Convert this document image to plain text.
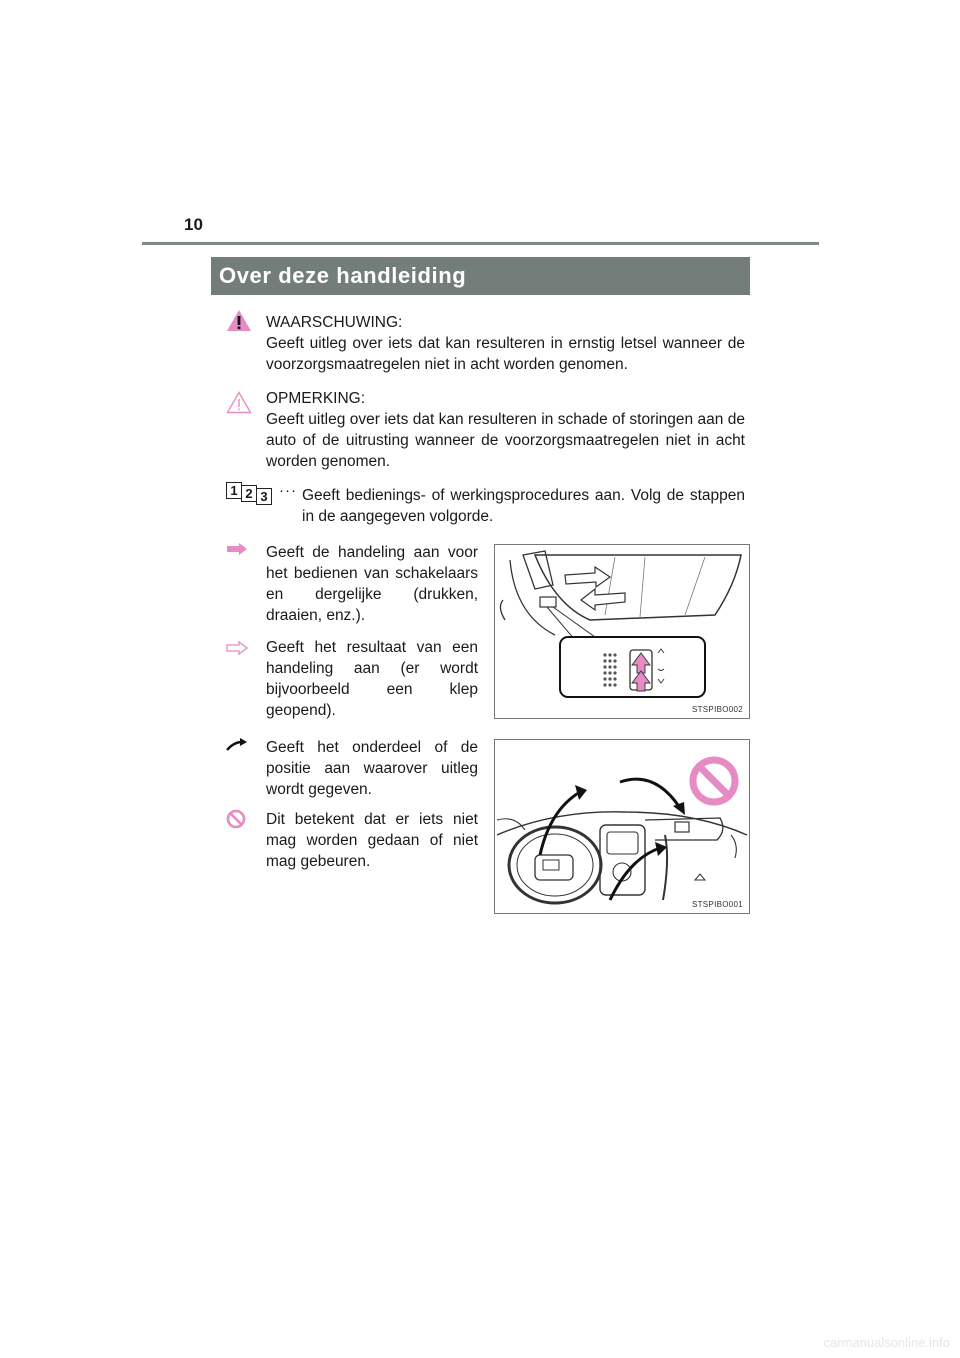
10
Over deze handleiding
WAARSCHUWING:
Geeft uitleg over iets dat kan resulteren in ernstig letsel wanneer de voorzorgsmaatregelen niet in acht worden genomen.
OPMERKING:
Geeft uitleg over iets dat kan resulteren in schade of storingen aan de auto of de uitrusting wanneer de voorzorgsmaatregelen niet in acht worden genomen.
1 2 3 ··· Geeft bedienings- of werkingsprocedures aan. Volg de stappen in de aangegeven volgorde.
Geeft de handeling aan voor het bedienen van schakelaars en dergelijke (drukken, draaien, enz.).
Geeft het resultaat van een handeling aan (er wordt bijvoorbeeld een klep geopend).
Geeft het onderdeel of de positie aan waarover uitleg wordt gegeven.
Dit betekent dat er iets niet mag worden gedaan of niet mag gebeuren.
STSPIBO002
STSPIBO001
carmanualsonline.info
